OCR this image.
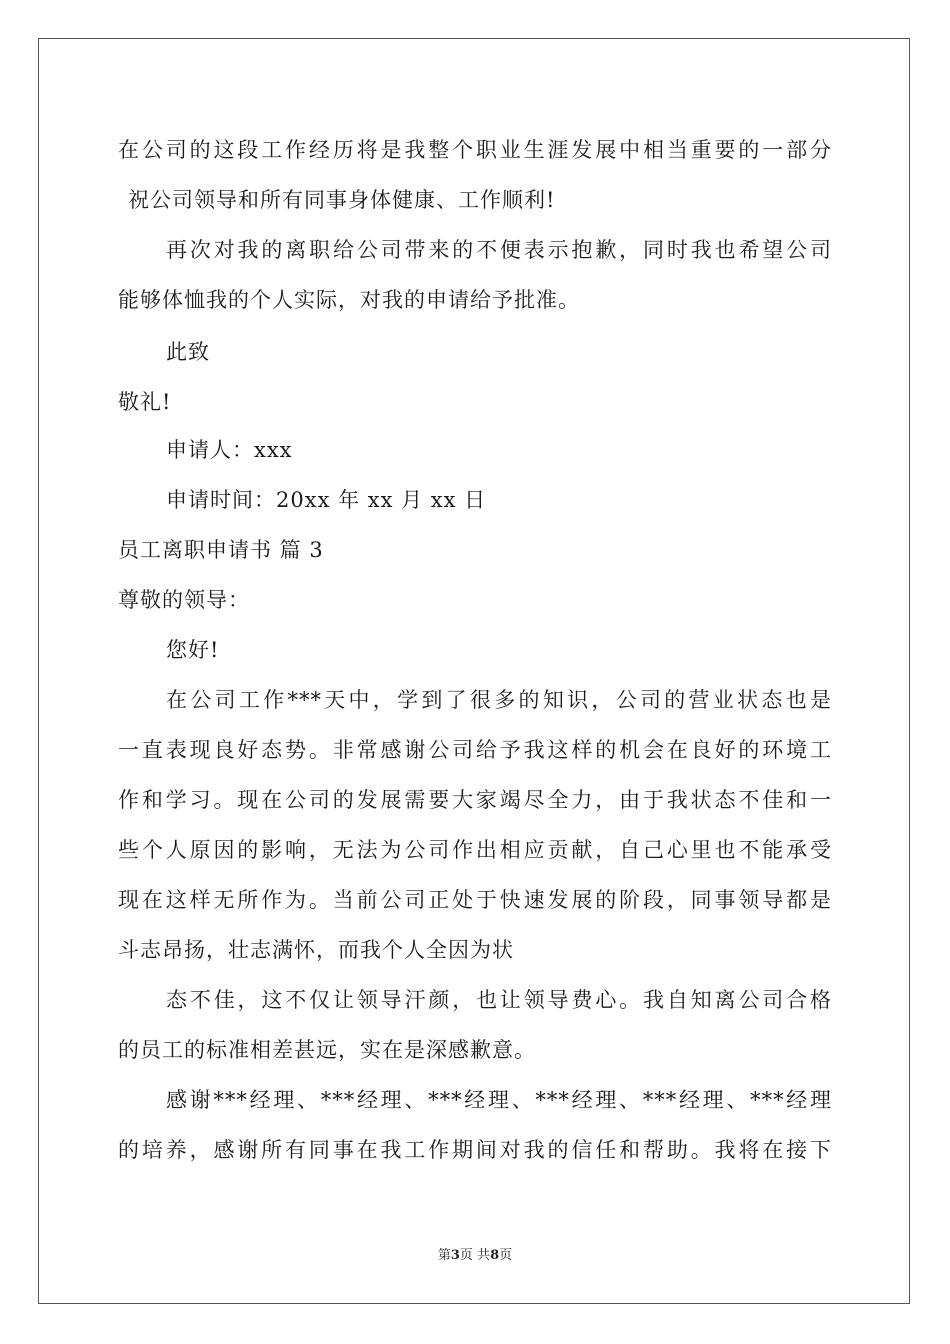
在公司的这段工作经历将是我整个职业生涯发展中相当重要的一部分
祝公司领导和所有同事身体健康、工作顺利!
再次对我的离职给公司带来的不便表示抱歉，同时我也希望公司
能够体恤我的个人实际，对我的申请给予批准。
此致
敬礼!
申请人：xxx
申请时间：20xx 年 xx 月 xx 日
员工离职申请书 篇 3
尊敬的领导：
您好!
在公司工作***天中，学到了很多的知识，公司的营业状态也是
一直表现良好态势。非常感谢公司给予我这样的机会在良好的环境工
作和学习。现在公司的发展需要大家竭尽全力，由于我状态不佳和一
些个人原因的影响，无法为公司作出相应贡献，自己心里也不能承受
现在这样无所作为。当前公司正处于快速发展的阶段，同事领导都是
斗志昂扬，壮志满怀，而我个人全因为状
态不佳，这不仅让领导汗颜，也让领导费心。我自知离公司合格
的员工的标准相差甚远，实在是深感歉意。
感谢***经理、***经理、***经理、***经理、***经理、***经理
的培养，感谢所有同事在我工作期间对我的信任和帮助。我将在接下
第3页 共8页
